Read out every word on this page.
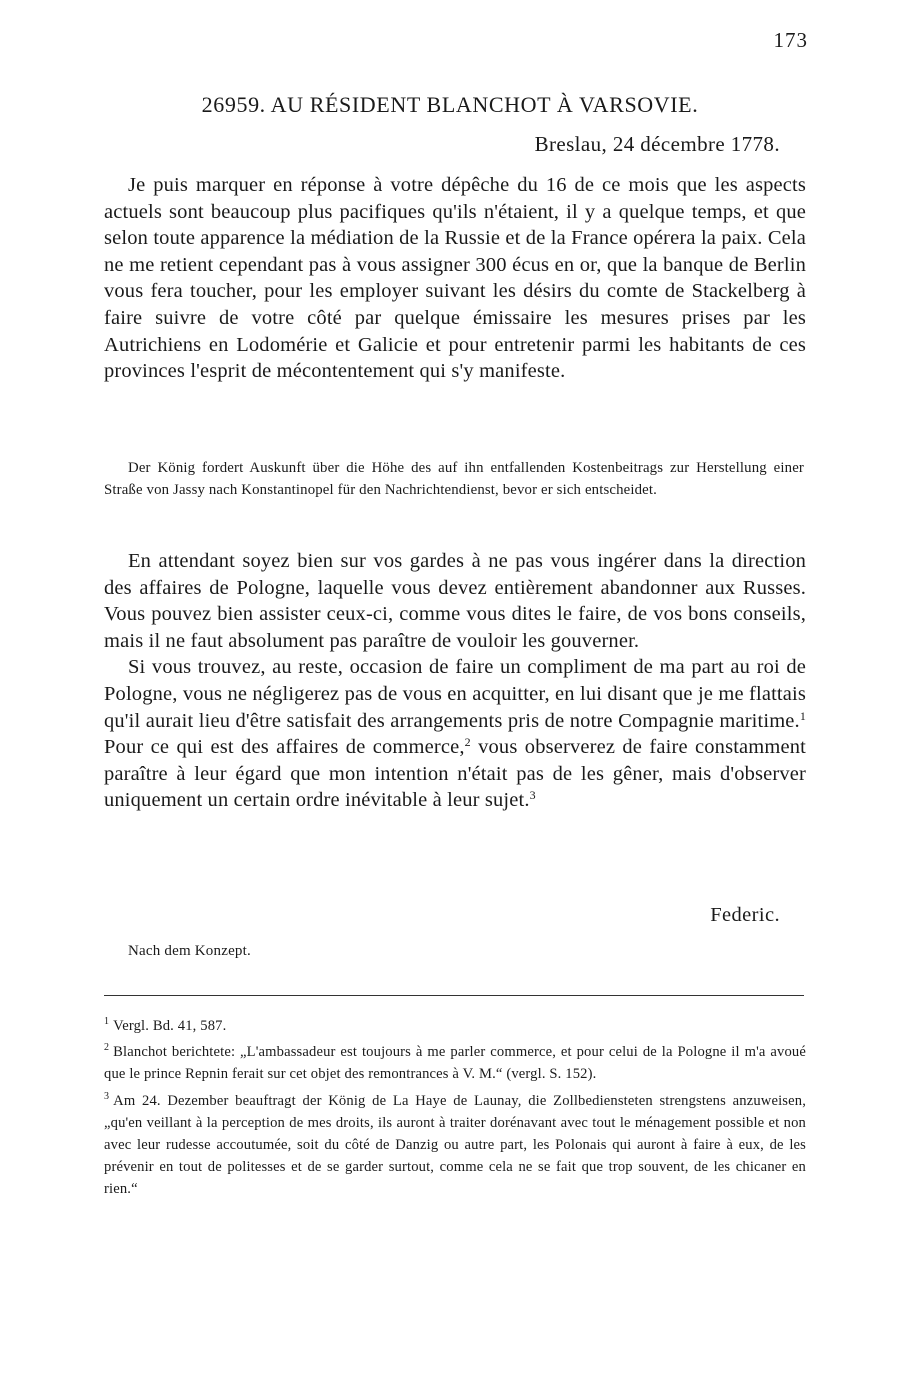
173
26959. AU RÉSIDENT BLANCHOT À VARSOVIE.
Breslau, 24 décembre 1778.

Je puis marquer en réponse à votre dépêche du 16 de ce mois que les aspects actuels sont beaucoup plus pacifiques qu'ils n'étaient, il y a quelque temps, et que selon toute apparence la médiation de la Russie et de la France opérera la paix. Cela ne me retient cependant pas à vous assigner 300 écus en or, que la banque de Berlin vous fera toucher, pour les employer suivant les désirs du comte de Stackelberg à faire suivre de votre côté par quelque émissaire les mesures prises par les Autrichiens en Lodomérie et Galicie et pour entretenir parmi les habitants de ces provinces l'esprit de mécontentement qui s'y manifeste.

Der König fordert Auskunft über die Höhe des auf ihn entfallenden Kostenbeitrags zur Herstellung einer Straße von Jassy nach Konstantinopel für den Nachrichtendienst, bevor er sich entscheidet.

En attendant soyez bien sur vos gardes à ne pas vous ingérer dans la direction des affaires de Pologne, laquelle vous devez entièrement abandonner aux Russes. Vous pouvez bien assister ceux-ci, comme vous dites le faire, de vos bons conseils, mais il ne faut absolument pas paraître de vouloir les gouverner.

Si vous trouvez, au reste, occasion de faire un compliment de ma part au roi de Pologne, vous ne négligerez pas de vous en acquitter, en lui disant que je me flattais qu'il aurait lieu d'être satisfait des arrangements pris de notre Compagnie maritime.$^1$ Pour ce qui est des affaires de commerce,$^2$ vous observerez de faire constamment paraître à leur égard que mon intention n'était pas de les gêner, mais d'observer uniquement un certain ordre inévitable à leur sujet.$^3$

Federic.
Nach dem Konzept.

$^1$ Vergl. Bd. 41, 587.

$^2$ Blanchot berichtete: „L'ambassadeur est toujours à me parler commerce, et pour celui de la Pologne il m'a avoué que le prince Repnin ferait sur cet objet des remontrances à V. M.“ (vergl. S. 152).

$^3$ Am 24. Dezember beauftragt der König de La Haye de Launay, die Zollbediensteten strengstens anzuweisen, „qu'en veillant à la perception de mes droits, ils auront à traiter dorénavant avec tout le ménagement possible et non avec leur rudesse accoutumée, soit du côté de Danzig ou autre part, les Polonais qui auront à faire à eux, de les prévenir en tout de politesses et de se garder surtout, comme cela ne se fait que trop souvent, de les chicaner en rien.“
